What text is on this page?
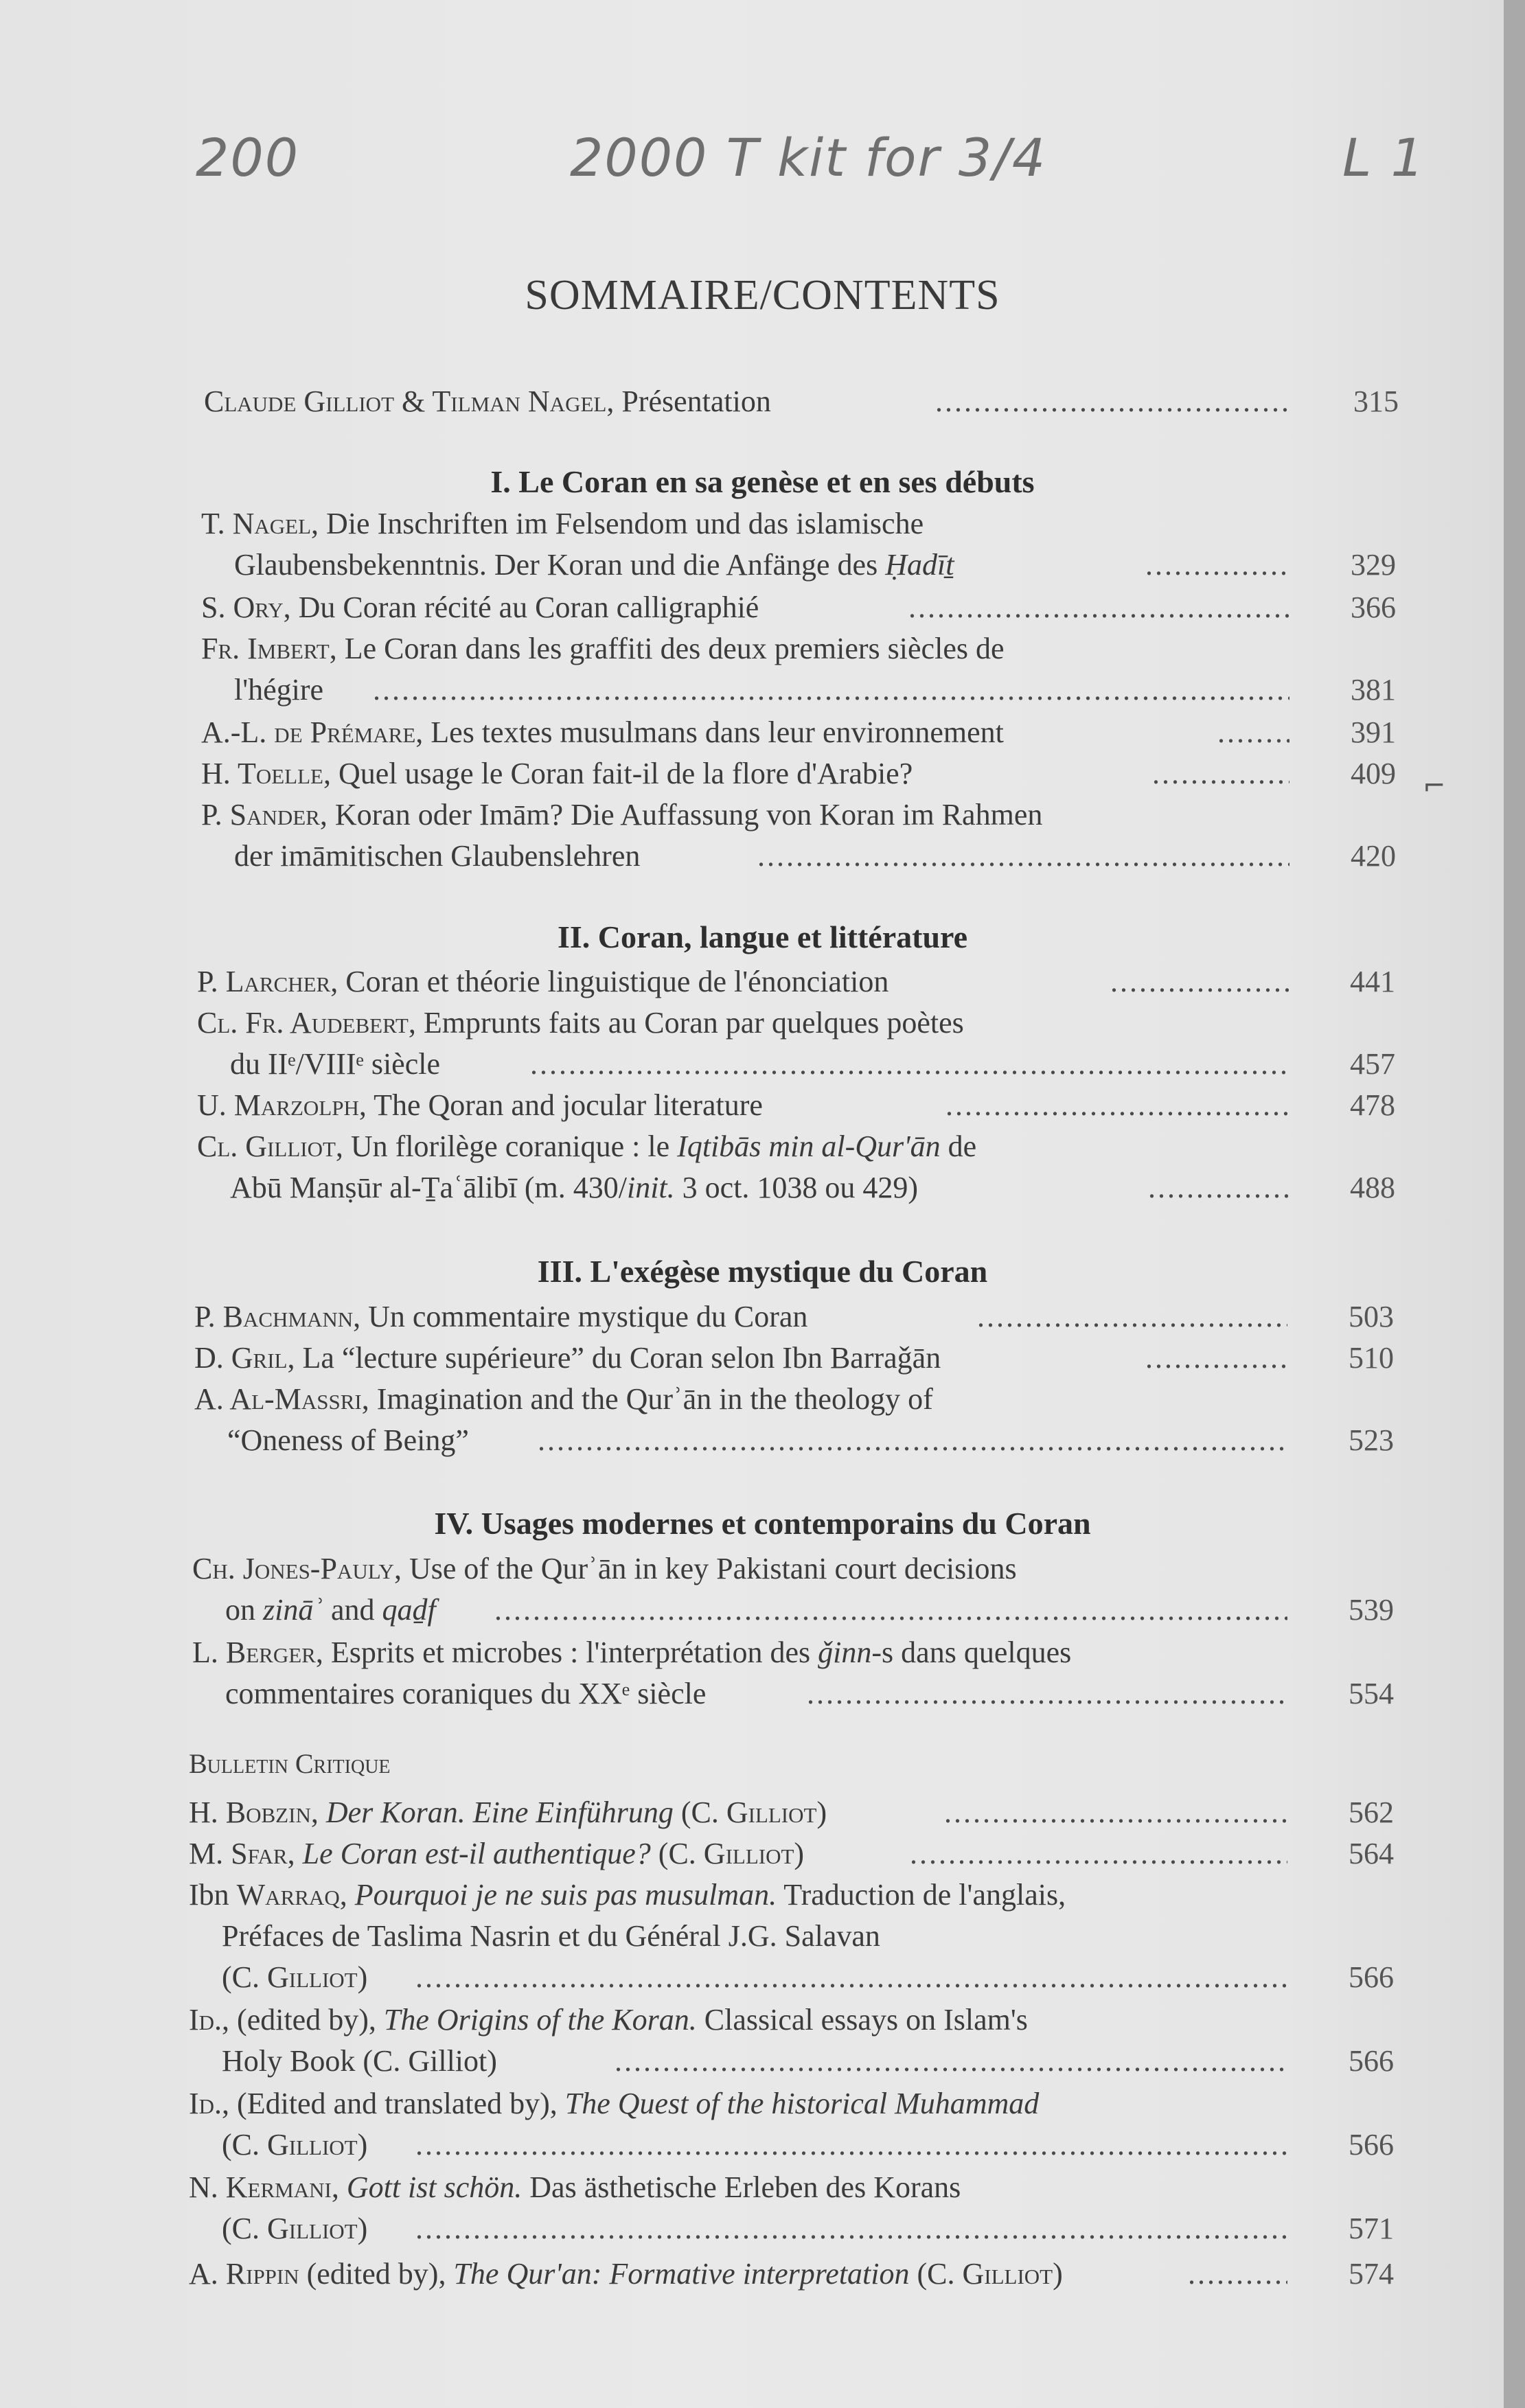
200	2000 T kit for 3/4	L 1
SOMMAIRE/CONTENTS
Claude Gilliot & Tilman Nagel, Présentation .....	315
I. Le Coran en sa genèse et en ses débuts
T. Nagel, Die Inschriften im Felsendom und das islamische
Glaubensbekenntnis. Der Koran und die Anfänge des Ḥadīṯ .....	329
S. Ory, Du Coran récité au Coran calligraphié .....	366
Fr. Imbert, Le Coran dans les graffiti des deux premiers siècles de
l'hégire .....	381
A.-L. de Prémare, Les textes musulmans dans leur environnement .....	391
H. Toelle, Quel usage le Coran fait-il de la flore d'Arabie? .....	409
P. Sander, Koran oder Imām? Die Auffassung von Koran im Rahmen
der imāmitischen Glaubenslehren .....	420
⌐
II. Coran, langue et littérature
P. Larcher, Coran et théorie linguistique de l'énonciation .....	441
Cl. Fr. Audebert, Emprunts faits au Coran par quelques poètes
du IIᵉ/VIIIᵉ siècle .....	457
U. Marzolph, The Qoran and jocular literature .....	478
Cl. Gilliot, Un florilège coranique : le Iqtibās min al-Qur'ān de
Abū Manṣūr al-Ṯaʿālibī (m. 430/init. 3 oct. 1038 ou 429) .....	488
III. L'exégèse mystique du Coran
P. Bachmann, Un commentaire mystique du Coran .....	503
D. Gril, La “lecture supérieure” du Coran selon Ibn Barraǧān .....	510
A. Al-Massri, Imagination and the Qurʾān in the theology of
“Oneness of Being” .....	523
IV. Usages modernes et contemporains du Coran
Ch. Jones-Pauly, Use of the Qurʾān in key Pakistani court decisions
on zināʾ and qaḏf .....	539
L. Berger, Esprits et microbes : l'interprétation des ǧinn-s dans quelques
commentaires coraniques du XXᵉ siècle .....	554
Bulletin Critique
H. Bobzin, Der Koran. Eine Einführung (C. Gilliot) .....	562
M. Sfar, Le Coran est-il authentique? (C. Gilliot) .....	564
Ibn Warraq, Pourquoi je ne suis pas musulman. Traduction de l'anglais,
Préfaces de Taslima Nasrin et du Général J.G. Salavan
(C. Gilliot) .....	566
Id., (edited by), The Origins of the Koran. Classical essays on Islam's
Holy Book (C. Gilliot) .....	566
Id., (Edited and translated by), The Quest of the historical Muhammad
(C. Gilliot) .....	566
N. Kermani, Gott ist schön. Das ästhetische Erleben des Korans
(C. Gilliot) .....	571
A. Rippin (edited by), The Qur'an: Formative interpretation (C. Gilliot) .....	574
